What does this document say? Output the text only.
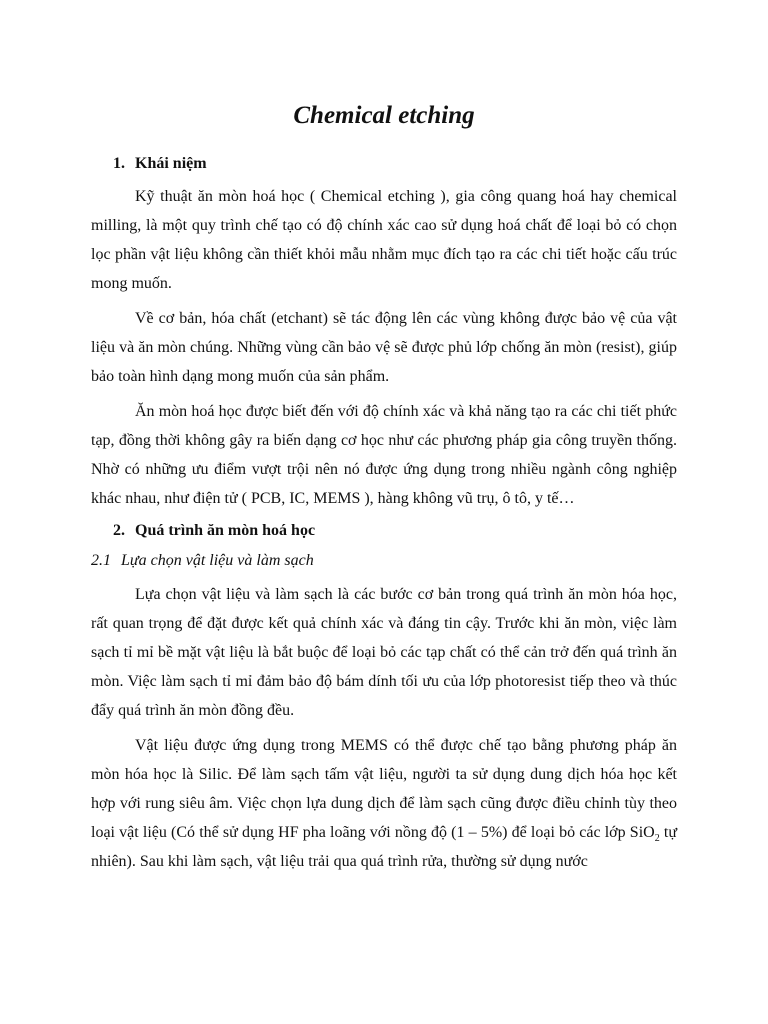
Chemical etching
1. Khái niệm

Kỹ thuật ăn mòn hoá học ( Chemical etching ), gia công quang hoá hay chemical milling, là một quy trình chế tạo có độ chính xác cao sử dụng hoá chất để loại bỏ có chọn lọc phần vật liệu không cần thiết khỏi mẫu nhằm mục đích tạo ra các chi tiết hoặc cấu trúc mong muốn.

Về cơ bản, hóa chất (etchant) sẽ tác động lên các vùng không được bảo vệ của vật liệu và ăn mòn chúng. Những vùng cần bảo vệ sẽ được phủ lớp chống ăn mòn (resist), giúp bảo toàn hình dạng mong muốn của sản phẩm.

Ăn mòn hoá học được biết đến với độ chính xác và khả năng tạo ra các chi tiết phức tạp, đồng thời không gây ra biến dạng cơ học như các phương pháp gia công truyền thống. Nhờ có những ưu điểm vượt trội nên nó được ứng dụng trong nhiều ngành công nghiệp khác nhau, như điện tử ( PCB, IC, MEMS ), hàng không vũ trụ, ô tô, y tế…

2. Quá trình ăn mòn hoá học
2.1 Lựa chọn vật liệu và làm sạch

Lựa chọn vật liệu và làm sạch là các bước cơ bản trong quá trình ăn mòn hóa học, rất quan trọng để đặt được kết quả chính xác và đáng tin cậy. Trước khi ăn mòn, việc làm sạch tỉ mỉ bề mặt vật liệu là bắt buộc để loại bỏ các tạp chất có thể cản trở đến quá trình ăn mòn. Việc làm sạch tỉ mỉ đảm bảo độ bám dính tối ưu của lớp photoresist tiếp theo và thúc đẩy quá trình ăn mòn đồng đều.

Vật liệu được ứng dụng trong MEMS có thể được chế tạo bằng phương pháp ăn mòn hóa học là Silic. Để làm sạch tấm vật liệu, người ta sử dụng dung dịch hóa học kết hợp với rung siêu âm. Việc chọn lựa dung dịch để làm sạch cũng được điều chỉnh tùy theo loại vật liệu (Có thể sử dụng HF pha loãng với nồng độ (1 – 5%) để loại bỏ các lớp SiO$_2$ tự nhiên). Sau khi làm sạch, vật liệu trải qua quá trình rửa, thường sử dụng nước
